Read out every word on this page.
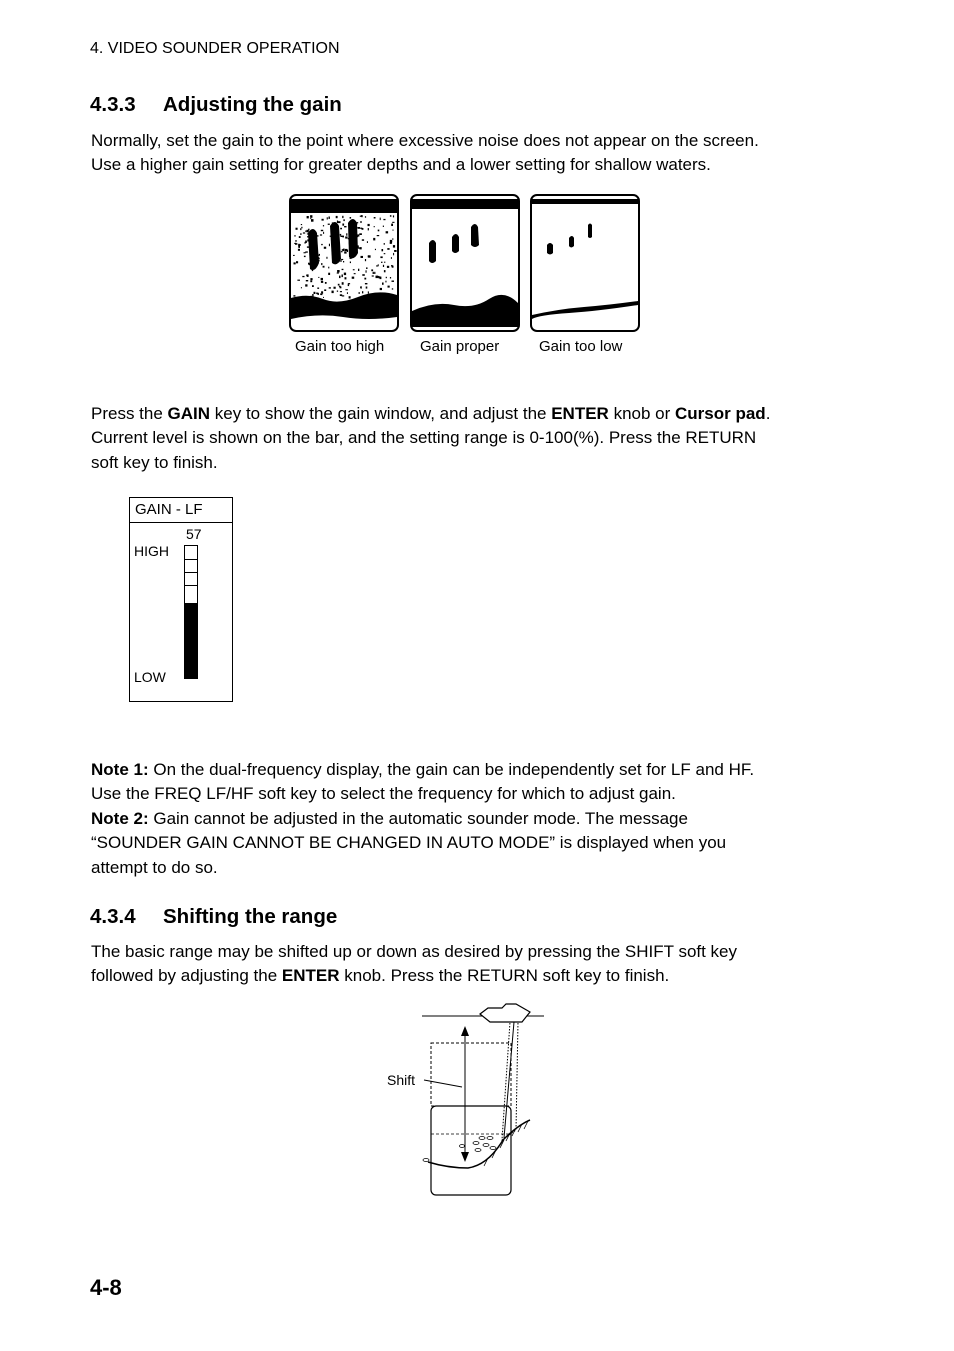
4. VIDEO SOUNDER OPERATION
4.3.3 Adjusting the gain
Normally, set the gain to the point where excessive noise does not appear on the screen.
Use a higher gain setting for greater depths and a lower setting for shallow waters.
Gain too high Gain proper	Gain too low
Press the GAIN key to show the gain window, and adjust the ENTER knob or Cursor pad.
Current level is shown on the bar, and the setting range is 0-100(%). Press the RETURN
soft key to finish.
GAIN - LF
57
HIGH
LOW
Note 1: On the dual-frequency display, the gain can be independently set for LF and HF.
Use the FREQ LF/HF soft key to select the frequency for which to adjust gain.
Note 2: Gain cannot be adjusted in the automatic sounder mode. The message
“SOUNDER GAIN CANNOT BE CHANGED IN AUTO MODE” is displayed when you
attempt to do so.
4.3.4 Shifting the range
The basic range may be shifted up or down as desired by pressing the SHIFT soft key
followed by adjusting the ENTER knob. Press the RETURN soft key to finish.
Shift
4-8
